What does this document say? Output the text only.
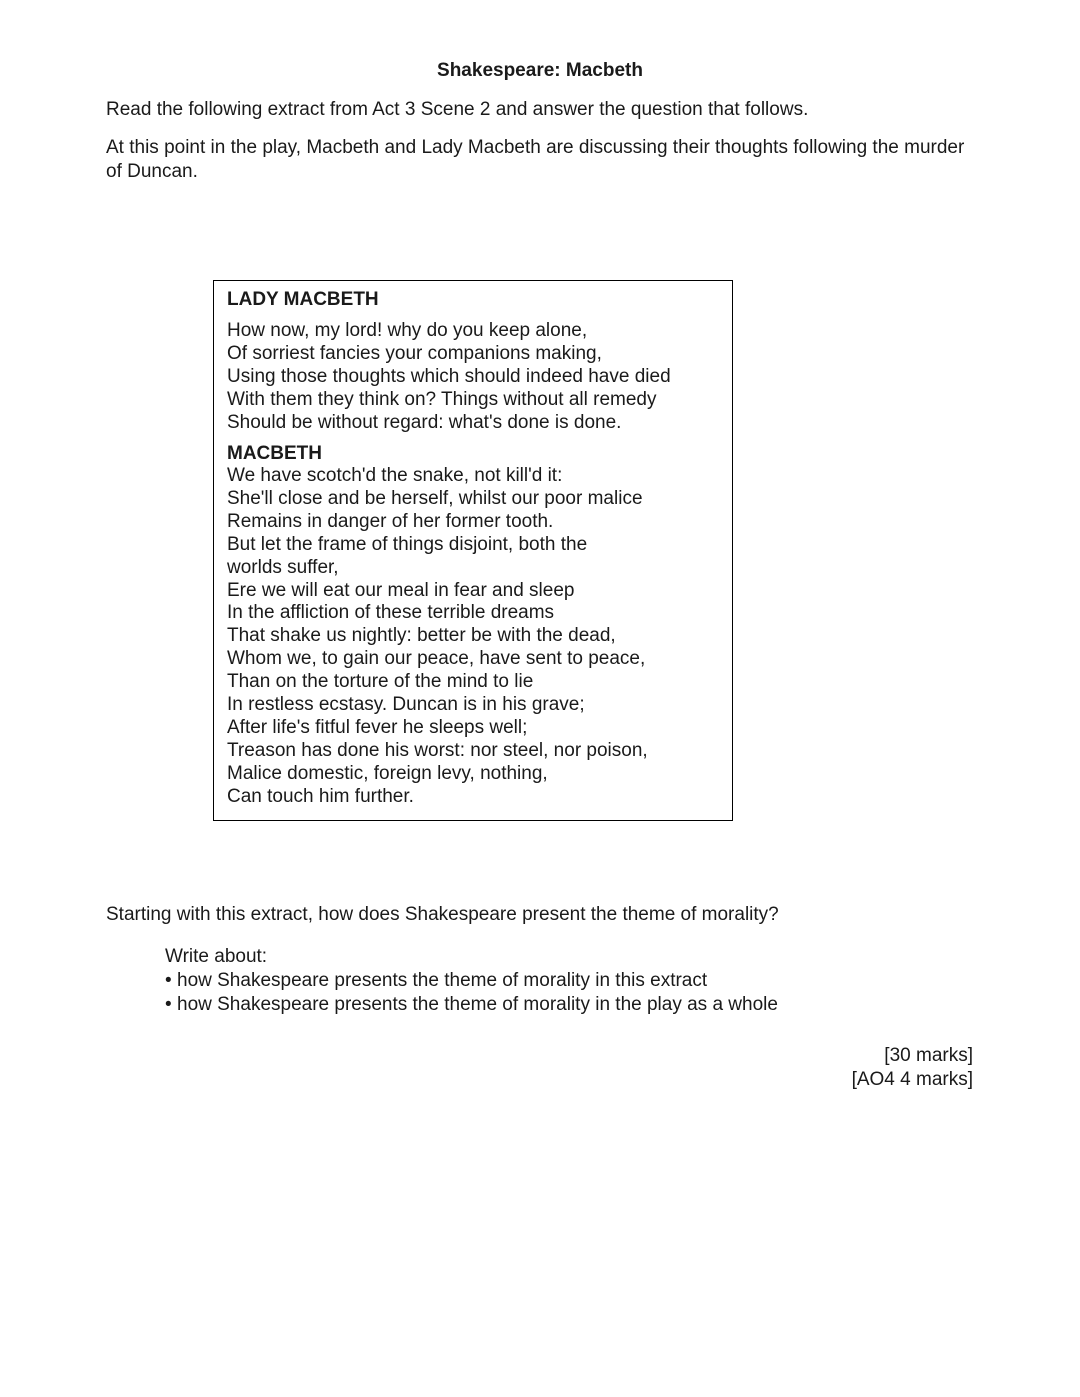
Shakespeare: Macbeth
Read the following extract from Act 3 Scene 2 and answer the question that follows.
At this point in the play, Macbeth and Lady Macbeth are discussing their thoughts following the murder of Duncan.
LADY MACBETH
How now, my lord! why do you keep alone,
Of sorriest fancies your companions making,
Using those thoughts which should indeed have died
With them they think on? Things without all remedy
Should be without regard: what's done is done.
MACBETH
We have scotch'd the snake, not kill'd it:
She'll close and be herself, whilst our poor malice
Remains in danger of her former tooth.
But let the frame of things disjoint, both the
worlds suffer,
Ere we will eat our meal in fear and sleep
In the affliction of these terrible dreams
That shake us nightly: better be with the dead,
Whom we, to gain our peace, have sent to peace,
Than on the torture of the mind to lie
In restless ecstasy. Duncan is in his grave;
After life's fitful fever he sleeps well;
Treason has done his worst: nor steel, nor poison,
Malice domestic, foreign levy, nothing,
Can touch him further.
Starting with this extract, how does Shakespeare present the theme of morality?
Write about:
• how Shakespeare presents the theme of morality in this extract
• how Shakespeare presents the theme of morality in the play as a whole
[30 marks]
[AO4 4 marks]
